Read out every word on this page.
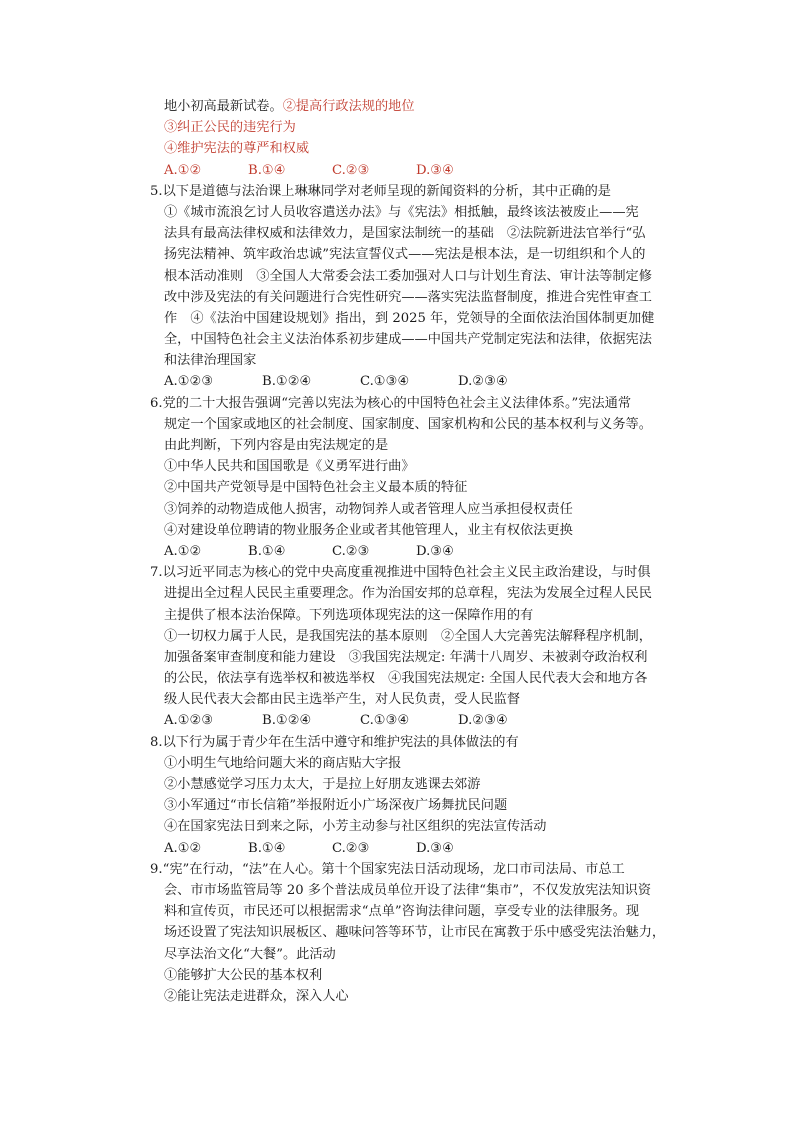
地小初高最新试卷。②提高行政法规的地位
③纠正公民的违宪行为
④维护宪法的尊严和权威
A.①②	B.①④	C.②③	D.③④
5.以下是道德与法治课上琳琳同学对老师呈现的新闻资料的分析，其中正确的是
①《城市流浪乞讨人员收容遣送办法》与《宪法》相抵触，最终该法被废止——宪
法具有最高法律权威和法律效力，是国家法制统一的基础　②法院新进法官举行“弘
扬宪法精神、筑牢政治忠诚”宪法宣誓仪式——宪法是根本法，是一切组织和个人的
根本活动准则　③全国人大常委会法工委加强对人口与计划生育法、审计法等制定修
改中涉及宪法的有关问题进行合宪性研究——落实宪法监督制度，推进合宪性审查工
作　④《法治中国建设规划》指出，到 2025 年，党领导的全面依法治国体制更加健
全，中国特色社会主义法治体系初步建成——中国共产党制定宪法和法律，依据宪法
和法律治理国家
A.①②③	B.①②④	C.①③④	D.②③④
6.党的二十大报告强调“完善以宪法为核心的中国特色社会主义法律体系。”宪法通常
规定一个国家或地区的社会制度、国家制度、国家机构和公民的基本权利与义务等。
由此判断，下列内容是由宪法规定的是
①中华人民共和国国歌是《义勇军进行曲》
②中国共产党领导是中国特色社会主义最本质的特征
③饲养的动物造成他人损害，动物饲养人或者管理人应当承担侵权责任
④对建设单位聘请的物业服务企业或者其他管理人，业主有权依法更换
A.①②	B.①④	C.②③	D.③④
7.以习近平同志为核心的党中央高度重视推进中国特色社会主义民主政治建设，与时俱
进提出全过程人民民主重要理念。作为治国安邦的总章程，宪法为发展全过程人民民
主提供了根本法治保障。下列选项体现宪法的这一保障作用的有
①一切权力属于人民，是我国宪法的基本原则　②全国人大完善宪法解释程序机制，
加强备案审查制度和能力建设　③我国宪法规定: 年满十八周岁、未被剥夺政治权利
的公民，依法享有选举权和被选举权　④我国宪法规定: 全国人民代表大会和地方各
级人民代表大会都由民主选举产生，对人民负责，受人民监督
A.①②③	B.①②④	C.①③④	D.②③④
8.以下行为属于青少年在生活中遵守和维护宪法的具体做法的有
①小明生气地给问题大米的商店贴大字报
②小慧感觉学习压力太大，于是拉上好朋友逃课去郊游
③小军通过“市长信箱”举报附近小广场深夜广场舞扰民问题
④在国家宪法日到来之际，小芳主动参与社区组织的宪法宣传活动
A.①②	B.①④	C.②③	D.③④
9.“宪”在行动，“法”在人心。第十个国家宪法日活动现场，龙口市司法局、市总工
会、市市场监管局等 20 多个普法成员单位开设了法律“集市”，不仅发放宪法知识资
料和宣传页，市民还可以根据需求“点单”咨询法律问题，享受专业的法律服务。现
场还设置了宪法知识展板区、趣味问答等环节，让市民在寓教于乐中感受宪法治魅力，
尽享法治文化“大餐”。此活动
①能够扩大公民的基本权利
②能让宪法走进群众，深入人心
